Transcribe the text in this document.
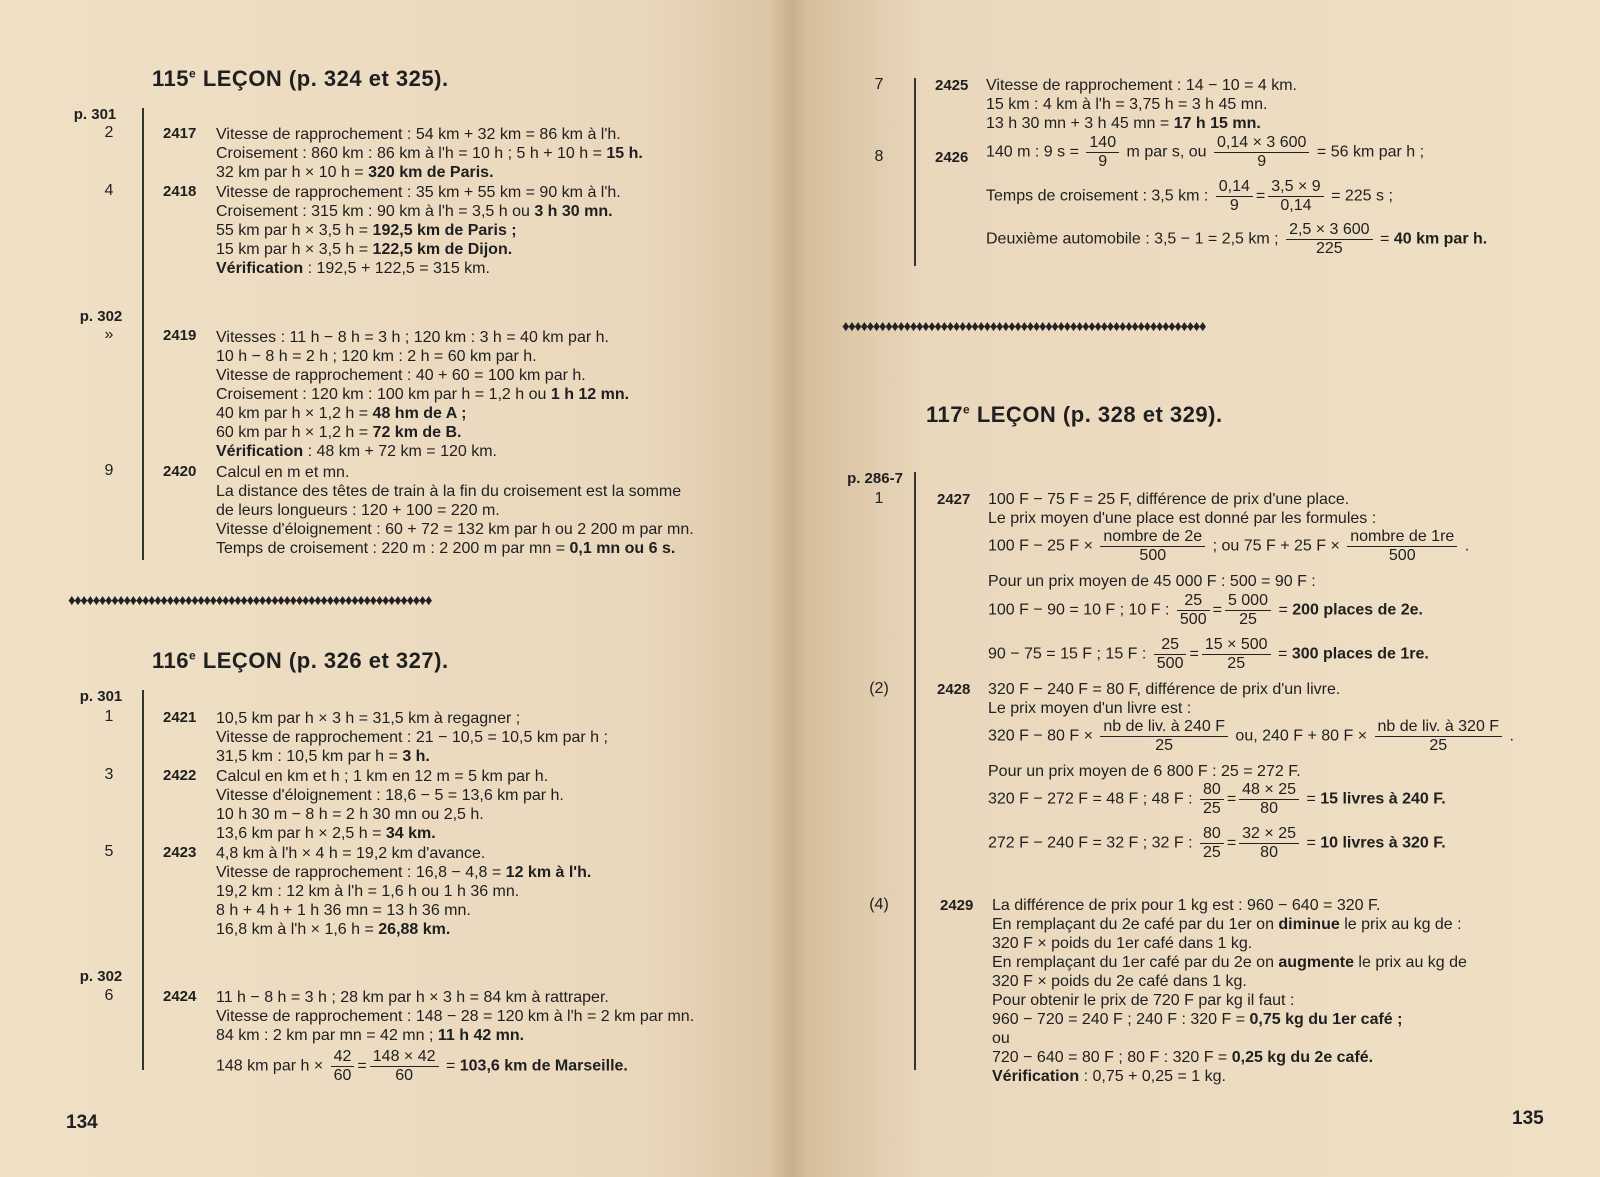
115e LEÇON (p. 324 et 325).
p. 301
2	2417 Vitesse de rapprochement : 54 km + 32 km = 86 km à l'h.
Croisement : 860 km : 86 km à l'h = 10 h ; 5 h + 10 h = 15 h.
32 km par h × 10 h = 320 km de Paris.
4	2418 Vitesse de rapprochement : 35 km + 55 km = 90 km à l'h.
Croisement : 315 km : 90 km à l'h = 3,5 h ou 3 h 30 mn.
55 km par h × 3,5 h = 192,5 km de Paris ;
15 km par h × 3,5 h = 122,5 km de Dijon.
Vérification : 192,5 + 122,5 = 315 km.
p. 302
»	2419 Vitesses : 11 h − 8 h = 3 h ; 120 km : 3 h = 40 km par h.
10 h − 8 h = 2 h ; 120 km : 2 h = 60 km par h.
Vitesse de rapprochement : 40 + 60 = 100 km par h.
Croisement : 120 km : 100 km par h = 1,2 h ou 1 h 12 mn.
40 km par h × 1,2 h = 48 hm de A ;
60 km par h × 1,2 h = 72 km de B.
Vérification : 48 km + 72 km = 120 km.
9	2420 Calcul en m et mn.
La distance des têtes de train à la fin du croisement est la somme
de leurs longueurs : 120 + 100 = 220 m.
Vitesse d'éloignement : 60 + 72 = 132 km par h ou 2 200 m par mn.
Temps de croisement : 220 m : 2 200 m par mn = 0,1 mn ou 6 s.
♦♦♦♦♦♦♦♦♦♦♦♦♦♦♦♦♦♦♦♦♦♦♦♦♦♦♦♦♦♦♦♦♦♦♦♦♦♦♦♦♦♦♦♦♦♦♦♦♦♦♦♦♦♦♦♦♦♦♦
116e LEÇON (p. 326 et 327).
p. 301
1	2421 10,5 km par h × 3 h = 31,5 km à regagner ;
Vitesse de rapprochement : 21 − 10,5 = 10,5 km par h ;
31,5 km : 10,5 km par h = 3 h.
3	2422 Calcul en km et h ; 1 km en 12 m = 5 km par h.
Vitesse d'éloignement : 18,6 − 5 = 13,6 km par h.
10 h 30 m − 8 h = 2 h 30 mn ou 2,5 h.
13,6 km par h × 2,5 h = 34 km.
5	2423 4,8 km à l'h × 4 h = 19,2 km d'avance.
Vitesse de rapprochement : 16,8 − 4,8 = 12 km à l'h.
19,2 km : 12 km à l'h = 1,6 h ou 1 h 36 mn.
8 h + 4 h + 1 h 36 mn = 13 h 36 mn.
16,8 km à l'h × 1,6 h = 26,88 km.
p. 302
6	2424 11 h − 8 h = 3 h ; 28 km par h × 3 h = 84 km à rattraper.
Vitesse de rapprochement : 148 − 28 = 120 km à l'h = 2 km par mn.
84 km : 2 km par mn = 42 mn ; 11 h 42 mn.
148 km par $h \times \frac{42}{60} = \frac{148 \times 42}{60} = 103,6$ km de Marseille.
134
7	2425 Vitesse de rapprochement : 14 − 10 = 4 km.
15 km : 4 km à l'h = 3,75 h = 3 h 45 mn.
13 h 30 mn + 3 h 45 mn = 17 h 15 mn.
8	2426 140 m : 9 $s = \frac{140}{9}$ m par s, ou $\frac{0,14 \times 3 600}{9} = 56$ km par h ;
Temps de croisement : 3,5 km : $\frac{0,14}{9} = \frac{3,5 \times 9}{0,14} = 225$ s ;
Deuxième automobile : 3,5 − 1 = 2,5 km ; $\frac{2,5 \times 3 600}{225} = 40$ km par h.
♦♦♦♦♦♦♦♦♦♦♦♦♦♦♦♦♦♦♦♦♦♦♦♦♦♦♦♦♦♦♦♦♦♦♦♦♦♦♦♦♦♦♦♦♦♦♦♦♦♦♦♦♦♦♦♦♦♦♦
117e LEÇON (p. 328 et 329).
p. 286-7
1	2427 100 F − 75 F = 25 F, différence de prix d'une place.
Le prix moyen d'une place est donné par les formules :
100 F − 25 $F \times \frac{\text{nombre de 2e}}{500}$ ; ou 75 F + 25 $F \times \frac{\text{nombre de 1re}}{500}$ .
Pour un prix moyen de 45 000 F : 500 = 90 F :
100 F − 90 = 10 F ; 10 F : $\frac{25}{500} = \frac{5 000}{25} = 200$ places de 2e.
90 − 75 = 15 F ; 15 F : $\frac{25}{500} = \frac{15 \times 500}{25} = 300$ places de 1re.
(2)	2428 320 F − 240 F = 80 F, différence de prix d'un livre.
Le prix moyen d'un livre est :
320 F − 80 $F \times \frac{\text{nb de liv. à 240 F}}{25}$ ou, 240 F + 80 $F \times \frac{\text{nb de liv. à 320 F}}{25}$ .
Pour un prix moyen de 6 800 F : 25 = 272 F.
320 F − 272 F = 48 F ; 48 F : $\frac{80}{25} = \frac{48 \times 25}{80} = 15$ livres à 240 F.
272 F − 240 F = 32 F ; 32 F : $\frac{80}{25} = \frac{32 \times 25}{80} = 10$ livres à 320 F.
(4)	2429 La différence de prix pour 1 kg est : 960 − 640 = 320 F.
En remplaçant du 2e café par du 1er on diminue le prix au kg de :
320 F × poids du 1er café dans 1 kg.
En remplaçant du 1er café par du 2e on augmente le prix au kg de
320 F × poids du 2e café dans 1 kg.
Pour obtenir le prix de 720 F par kg il faut :
960 − 720 = 240 F ; 240 F : 320 F = 0,75 kg du 1er café ;
ou
720 − 640 = 80 F ; 80 F : 320 F = 0,25 kg du 2e café.
Vérification : 0,75 + 0,25 = 1 kg.
135
